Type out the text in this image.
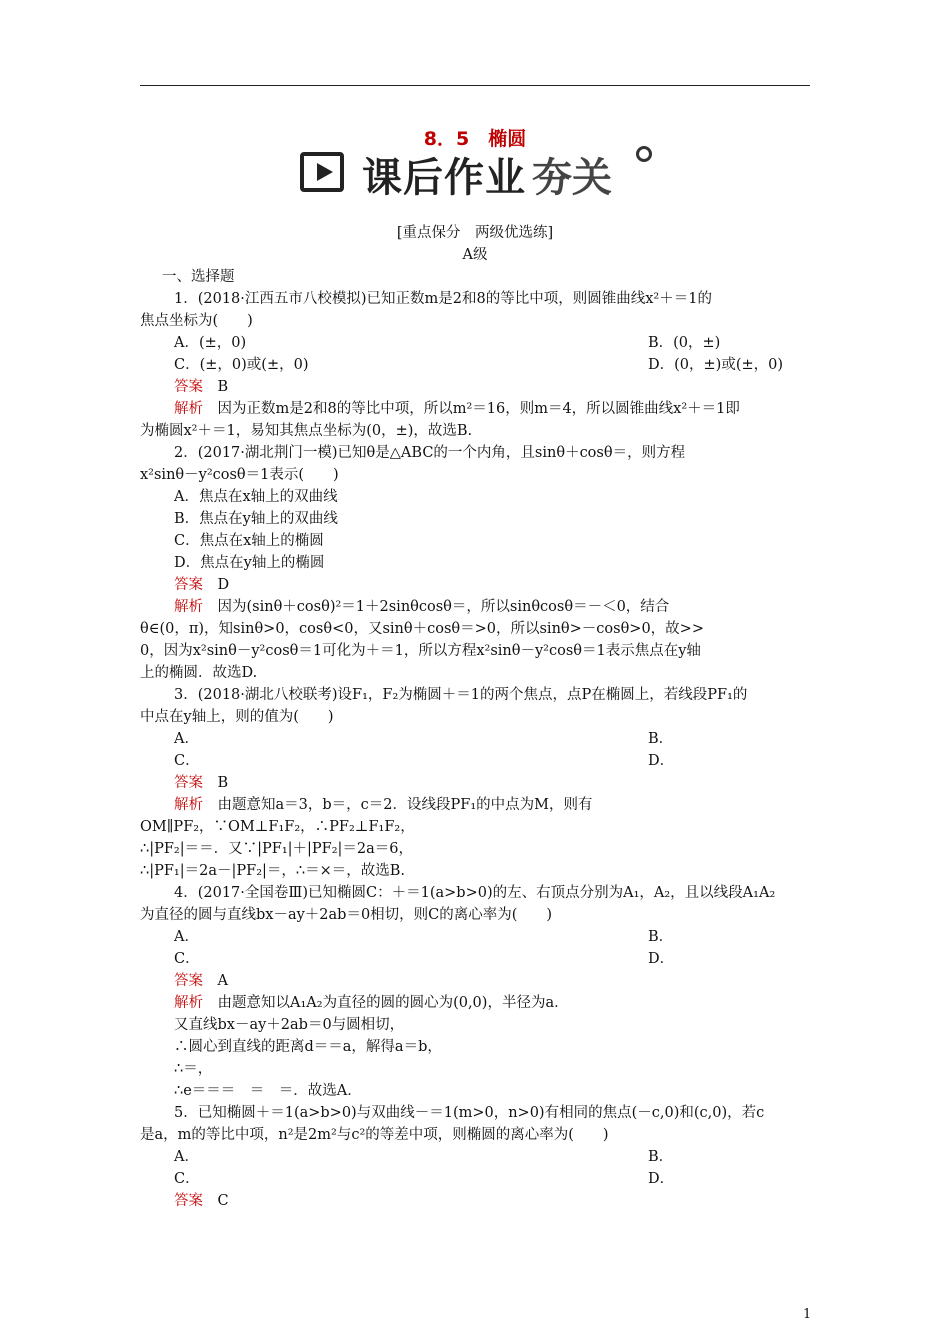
8．5　椭圆
课后作业 夯关
[重点保分　两级优选练]
A级
一、选择题
1．(2018·江西五市八校模拟)已知正数m是2和8的等比中项，则圆锥曲线x²＋＝1的
焦点坐标为(　　)
A．(±，0)	B．(0，±)
C．(±，0)或(±，0)	D．(0，±)或(±，0)
答案　 B
解析　因为正数m是2和8的等比中项，所以m²＝16，则m＝4，所以圆锥曲线x²＋＝1即
为椭圆x²＋＝1，易知其焦点坐标为(0，±)，故选B.
2．(2017·湖北荆门一模)已知θ是△ABC的一个内角，且sinθ＋cosθ＝，则方程
x²sinθ－y²cosθ＝1表示(　　)
A．焦点在x轴上的双曲线
B．焦点在y轴上的双曲线
C．焦点在x轴上的椭圆
D．焦点在y轴上的椭圆
答案　 D
解析　因为(sinθ＋cosθ)²＝1＋2sinθcosθ＝，所以sinθcosθ＝－＜0，结合
θ∈(0，π)，知sinθ>0，cosθ<0，又sinθ＋cosθ＝>0，所以sinθ>－cosθ>0，故>>
0，因为x²sinθ－y²cosθ＝1可化为＋＝1，所以方程x²sinθ－y²cosθ＝1表示焦点在y轴
上的椭圆．故选D.
3．(2018·湖北八校联考)设F₁，F₂为椭圆＋＝1的两个焦点，点P在椭圆上，若线段PF₁的
中点在y轴上，则的值为(　　)
A．	B．
C．	D．
答案　 B
解析　由题意知a＝3，b＝，c＝2．设线段PF₁的中点为M，则有
OM∥PF₂，∵OM⊥F₁F₂，∴PF₂⊥F₁F₂，
∴|PF₂|＝＝．又∵|PF₁|＋|PF₂|＝2a＝6，
∴|PF₁|＝2a－|PF₂|＝，∴＝×＝，故选B.
4．(2017·全国卷Ⅲ)已知椭圆C：＋＝1(a>b>0)的左、右顶点分别为A₁，A₂，且以线段A₁A₂
为直径的圆与直线bx－ay＋2ab＝0相切，则C的离心率为(　　)
A．	B．
C．	D．
答案　 A
解析　由题意知以A₁A₂为直径的圆的圆心为(0,0)，半径为a．
又直线bx－ay＋2ab＝0与圆相切，
∴圆心到直线的距离d＝＝a，解得a＝b，
∴＝，
∴e＝＝＝　＝　＝．故选A．
5．已知椭圆＋＝1(a>b>0)与双曲线－＝1(m>0，n>0)有相同的焦点(－c,0)和(c,0)，若c
是a，m的等比中项，n²是2m²与c²的等差中项，则椭圆的离心率为(　　)
A．	B．
C．	D．
答案　 C
1
